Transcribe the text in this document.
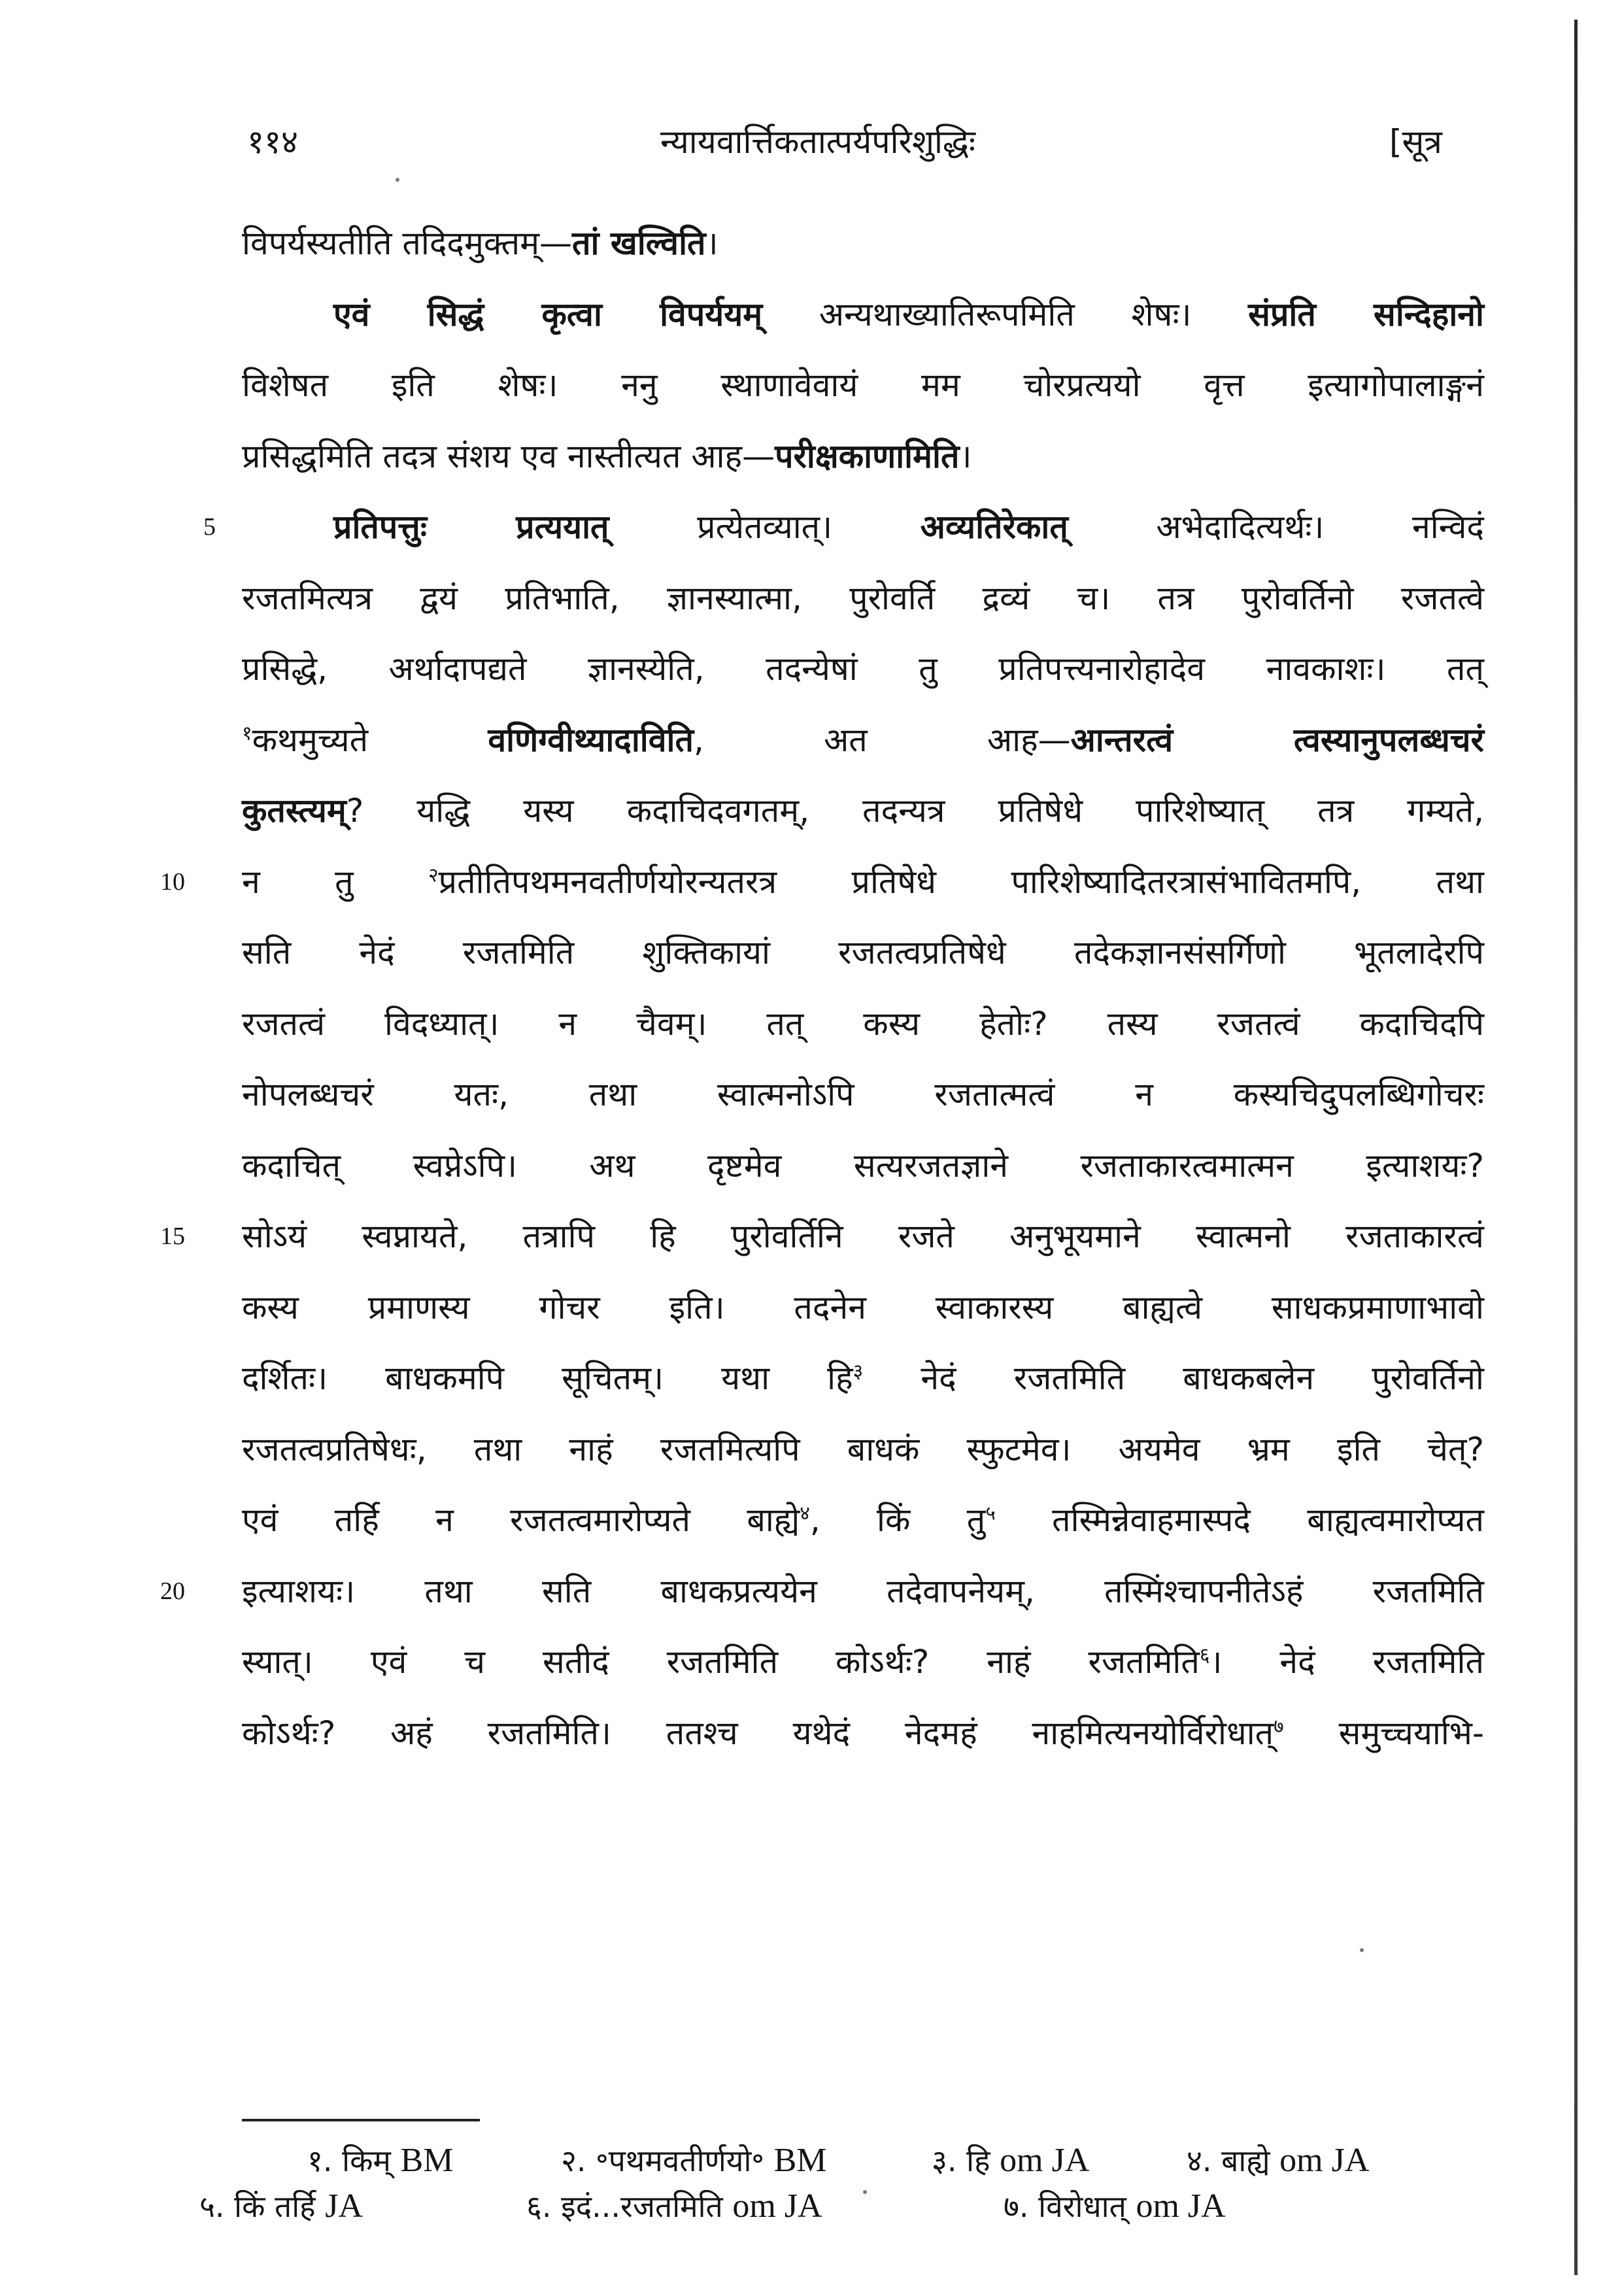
११४	न्यायवार्त्तिकतात्पर्यपरिशुद्धिः	[सूत्र
विपर्यस्यतीति तदिदमुक्तम्—तां खल्विति।
एवं सिद्धं कृत्वा विपर्ययम् अन्यथाख्यातिरूपमिति शेषः। संप्रति सन्दिहानो
विशेषत इति शेषः। ननु स्थाणावेवायं मम चोरप्रत्ययो वृत्त इत्यागोपालाङ्गनं
प्रसिद्धमिति तदत्र संशय एव नास्तीत्यत आह—परीक्षकाणामिति।
प्रतिपत्तुः प्रत्ययात् प्रत्येतव्यात्। अव्यतिरेकात् अभेदादित्यर्थः। नन्विदं
5
रजतमित्यत्र द्वयं प्रतिभाति, ज्ञानस्यात्मा, पुरोवर्ति द्रव्यं च। तत्र पुरोवर्तिनो रजतत्वे
प्रसिद्धे, अर्थादापद्यते ज्ञानस्येति, तदन्येषां तु प्रतिपत्त्यनारोहादेव नावकाशः। तत्
$^१$कथमुच्यते वणिग्वीथ्यादाविति, अत आह—आन्तरत्वं त्वस्यानुपलब्धचरं
कुतस्त्यम्? यद्धि यस्य कदाचिदवगतम्, तदन्यत्र प्रतिषेधे पारिशेष्यात् तत्र गम्यते,
न तु $^२$प्रतीतिपथमनवतीर्णयोरन्यतरत्र प्रतिषेधे पारिशेष्यादितरत्रासंभावितमपि, तथा
10
सति नेदं रजतमिति शुक्तिकायां रजतत्वप्रतिषेधे तदेकज्ञानसंसर्गिणो भूतलादेरपि
रजतत्वं विदध्यात्। न चैवम्। तत् कस्य हेतोः? तस्य रजतत्वं कदाचिदपि
नोपलब्धचरं यतः, तथा स्वात्मनोऽपि रजतात्मत्वं न कस्यचिदुपलब्धिगोचरः
कदाचित् स्वप्नेऽपि। अथ दृष्टमेव सत्यरजतज्ञाने रजताकारत्वमात्मन इत्याशयः?
सोऽयं स्वप्नायते, तत्रापि हि पुरोवर्तिनि रजते अनुभूयमाने स्वात्मनो रजताकारत्वं
15
कस्य प्रमाणस्य गोचर इति। तदनेन स्वाकारस्य बाह्यत्वे साधकप्रमाणाभावो
दर्शितः। बाधकमपि सूचितम्। यथा हि$^३$ नेदं रजतमिति बाधकबलेन पुरोवर्तिनो
रजतत्वप्रतिषेधः, तथा नाहं रजतमित्यपि बाधकं स्फुटमेव। अयमेव भ्रम इति चेत्?
एवं तर्हि न रजतत्वमारोप्यते बाह्ये$^४$, किं तु$^५$ तस्मिन्नेवाहमास्पदे बाह्यत्वमारोप्यत
इत्याशयः। तथा सति बाधकप्रत्ययेन तदेवापनेयम्, तस्मिंश्चापनीतेऽहं रजतमिति
20
स्यात्। एवं च सतीदं रजतमिति कोऽर्थः? नाहं रजतमिति$^६$। नेदं रजतमिति
कोऽर्थः? अहं रजतमिति। ततश्च यथेदं नेदमहं नाहमित्यनयोर्विरोधात्$^७$ समुच्चयाभि-
१. किम् BM	२. ॰पथमवतीर्णयो॰ BM	३. हि om JA	४. बाह्ये om JA
५. किं तर्हि JA	६. इदं...रजतमिति om JA	७. विरोधात् om JA
